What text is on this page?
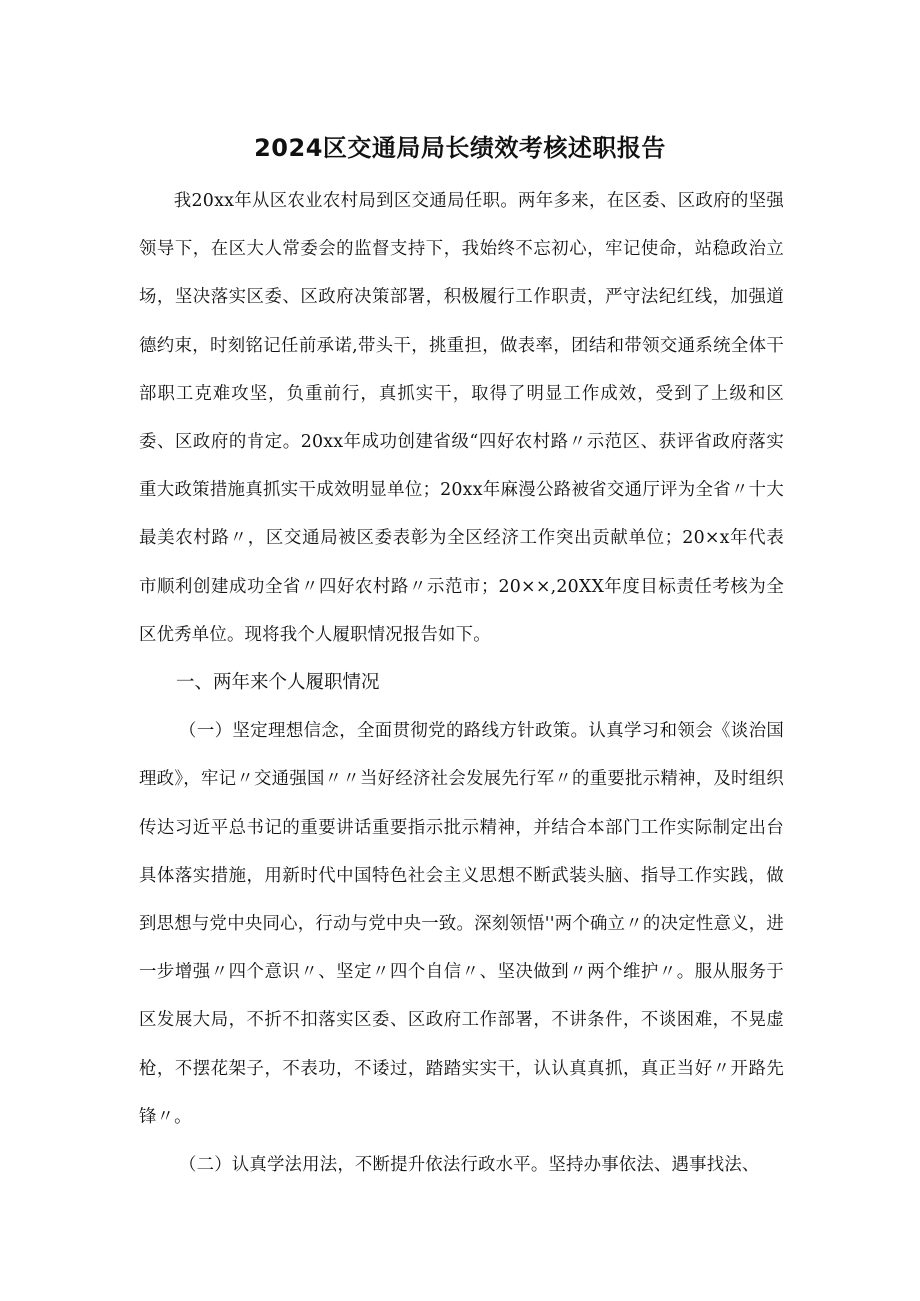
2024区交通局局长绩效考核述职报告

我20xx年从区农业农村局到区交通局任职。两年多来，在区委、区政府的坚强领导下，在区大人常委会的监督支持下，我始终不忘初心，牢记使命，站稳政治立场，坚决落实区委、区政府决策部署，积极履行工作职责，严守法纪红线，加强道德约束，时刻铭记任前承诺,带头干，挑重担，做表率，团结和带领交通系统全体干部职工克难攻坚，负重前行，真抓实干，取得了明显工作成效，受到了上级和区委、区政府的肯定。20xx年成功创建省级“四好农村路〃示范区、获评省政府落实重大政策措施真抓实干成效明显单位；20xx年麻漫公路被省交通厅评为全省〃十大最美农村路〃，区交通局被区委表彰为全区经济工作突出贡献单位；20×x年代表市顺利创建成功全省〃四好农村路〃示范市；20××,20XX年度目标责任考核为全区优秀单位。现将我个人履职情况报告如下。

一、两年来个人履职情况

（一）坚定理想信念，全面贯彻党的路线方针政策。认真学习和领会《谈治国理政》，牢记〃交通强国〃〃当好经济社会发展先行军〃的重要批示精神，及时组织传达习近平总书记的重要讲话重要指示批示精神，并结合本部门工作实际制定出台具体落实措施，用新时代中国特色社会主义思想不断武装头脑、指导工作实践，做到思想与党中央同心，行动与党中央一致。深刻领悟''两个确立〃的决定性意义，进一步增强〃四个意识〃、坚定〃四个自信〃、坚决做到〃两个维护〃。服从服务于区发展大局，不折不扣落实区委、区政府工作部署，不讲条件，不谈困难，不晃虚枪，不摆花架子，不表功，不诿过，踏踏实实干，认认真真抓，真正当好〃开路先锋〃。

（二）认真学法用法，不断提升依法行政水平。坚持办事依法、遇事找法、
